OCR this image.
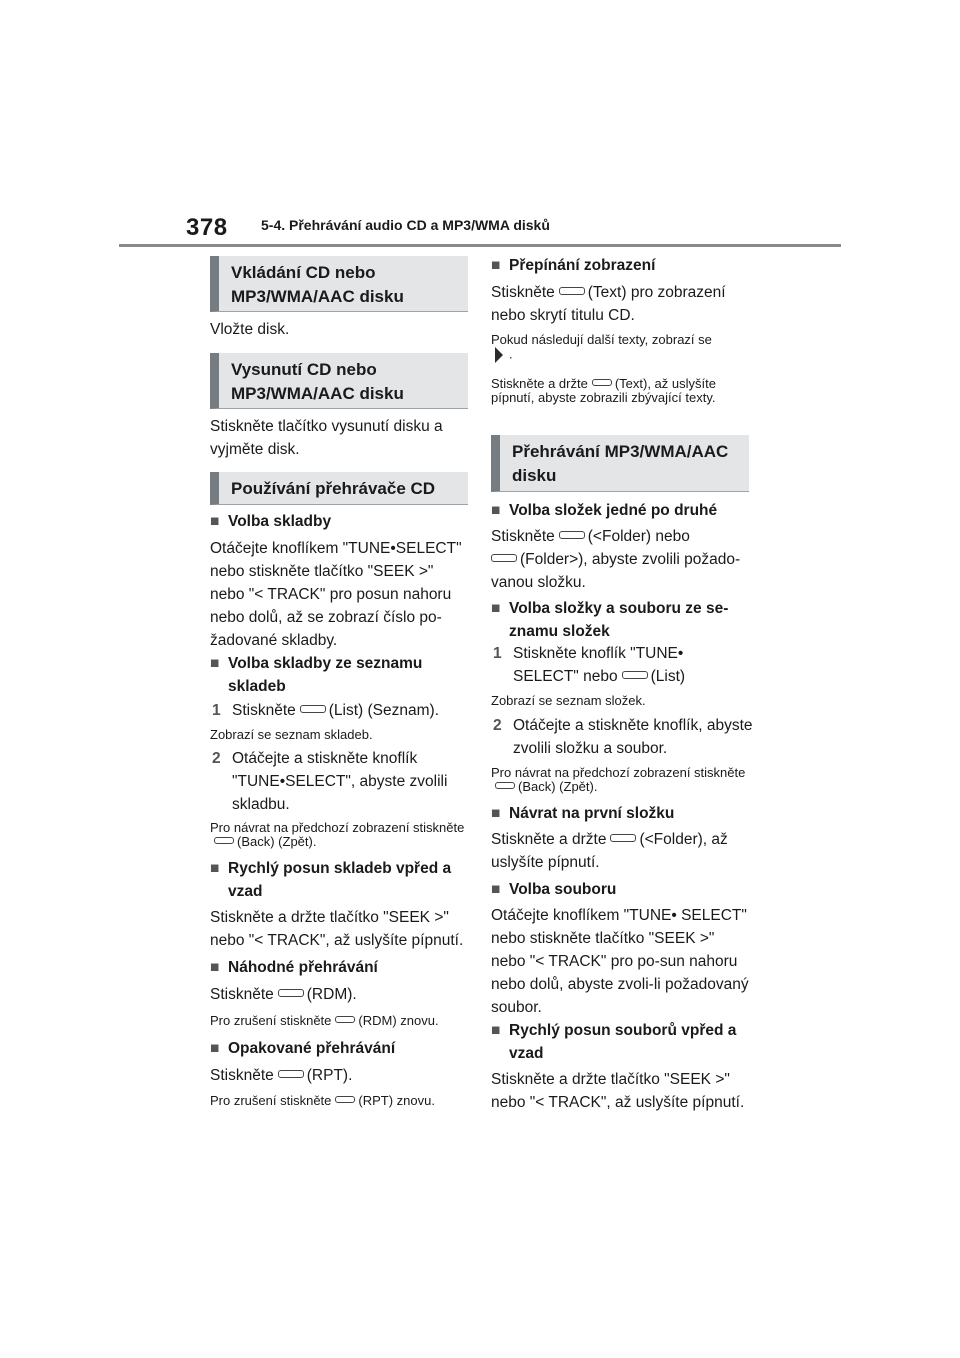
378 5-4. Přehrávání audio CD a MP3/WMA disků
Vkládání CD nebo MP3/WMA/AAC disku
Vložte disk.
Vysunutí CD nebo MP3/WMA/AAC disku
Stiskněte tlačítko vysunutí disku a vyjměte disk.
Používání přehrávače CD
■ Volba skladby
Otáčejte knoflíkem "TUNE•SELECT" nebo stiskněte tlačítko "SEEK >" nebo "< TRACK" pro posun nahoru nebo dolů, až se zobrazí číslo po-žadované skladby.
■ Volba skladby ze seznamu skladeb
1 Stiskněte (List) (Seznam).
Zobrazí se seznam skladeb.
2 Otáčejte a stiskněte knoflík "TUNE•SELECT", abyste zvolili skladbu.
Pro návrat na předchozí zobrazení stiskněte(Back) (Zpět).
■ Rychlý posun skladeb vpřed a vzad
Stiskněte a držte tlačítko "SEEK >" nebo "< TRACK", až uslyšíte pípnutí.
■ Náhodné přehrávání
Stiskněte (RDM).
Pro zrušení stiskněte (RDM) znovu.
■ Opakované přehrávání
Stiskněte (RPT).
Pro zrušení stiskněte (RPT) znovu.
■ Přepínání zobrazení
Stiskněte (Text) pro zobrazení nebo skrytí titulu CD.
Pokud následují další texty, zobrazí se
.
Stiskněte a držte (Text), až uslyšíte pípnutí, abyste zobrazili zbývající texty.
Přehrávání MP3/WMA/AAC disku
■ Volba složek jedné po druhé
Stiskněte (<Folder) nebo
(Folder>), abyste zvolili požado-vanou složku.
■ Volba složky a souboru ze se-znamu složek
1 Stiskněte knoflík "TUNE• SELECT" nebo (List)
Zobrazí se seznam složek.
2 Otáčejte a stiskněte knoflík, abyste zvolili složku a soubor.
Pro návrat na předchozí zobrazení stiskněte(Back) (Zpět).
■ Návrat na první složku
Stiskněte a držte (<Folder), až uslyšíte pípnutí.
■ Volba souboru
Otáčejte knoflíkem "TUNE• SELECT" nebo stiskněte tlačítko "SEEK >" nebo "< TRACK" pro po-sun nahoru nebo dolů, abyste zvoli-li požadovaný soubor.
■ Rychlý posun souborů vpřed a vzad
Stiskněte a držte tlačítko "SEEK >" nebo "< TRACK", až uslyšíte pípnutí.
